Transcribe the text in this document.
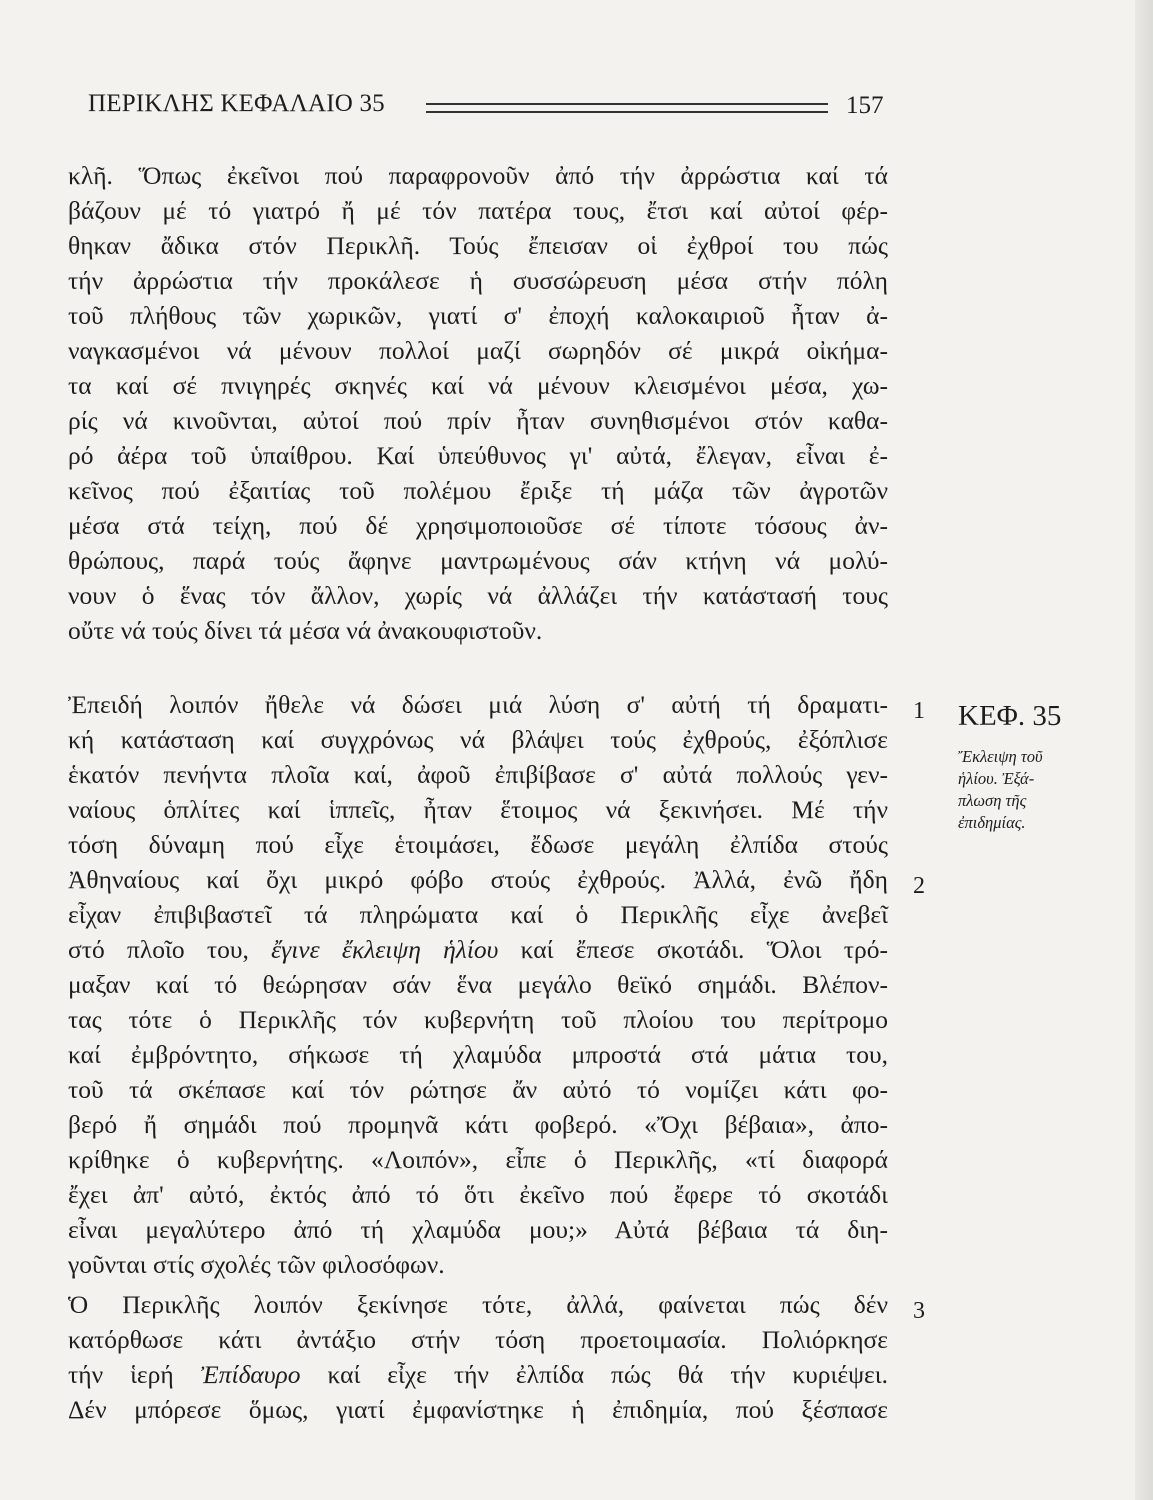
ΠΕΡΙΚΛΗΣ ΚΕΦΑΛΑΙΟ 35	157
κλῆ. Ὅπως ἐκεῖνοι πού παραφρονοῦν ἀπό τήν ἀρρώστια καί τά
βάζουν μέ τό γιατρό ἤ μέ τόν πατέρα τους, ἔτσι καί αὐτοί φέρ-
θηκαν ἄδικα στόν Περικλῆ. Τούς ἔπεισαν οἱ ἐχθροί του πώς
τήν ἀρρώστια τήν προκάλεσε ἡ συσσώρευση μέσα στήν πόλη
τοῦ πλήθους τῶν χωρικῶν, γιατί σ' ἐποχή καλοκαιριοῦ ἦταν ἀ-
ναγκασμένοι νά μένουν πολλοί μαζί σωρηδόν σέ μικρά οἰκήμα-
τα καί σέ πνιγηρές σκηνές καί νά μένουν κλεισμένοι μέσα, χω-
ρίς νά κινοῦνται, αὐτοί πού πρίν ἦταν συνηθισμένοι στόν καθα-
ρό ἀέρα τοῦ ὑπαίθρου. Καί ὑπεύθυνος γι' αὐτά, ἔλεγαν, εἶναι ἐ-
κεῖνος πού ἐξαιτίας τοῦ πολέμου ἔριξε τή μάζα τῶν ἀγροτῶν
μέσα στά τείχη, πού δέ χρησιμοποιοῦσε σέ τίποτε τόσους ἀν-
θρώπους, παρά τούς ἄφηνε μαντρωμένους σάν κτήνη νά μολύ-
νουν ὁ ἕνας τόν ἄλλον, χωρίς νά ἀλλάζει τήν κατάστασή τους
οὔτε νά τούς δίνει τά μέσα νά ἀνακουφιστοῦν.
Ἐπειδή λοιπόν ἤθελε νά δώσει μιά λύση σ' αὐτή τή δραματι-
κή κατάσταση καί συγχρόνως νά βλάψει τούς ἐχθρούς, ἐξόπλισε
ἑκατόν πενήντα πλοῖα καί, ἀφοῦ ἐπιβίβασε σ' αὐτά πολλούς γεν-
ναίους ὁπλίτες καί ἱππεῖς, ἦταν ἕτοιμος νά ξεκινήσει. Μέ τήν
τόση δύναμη πού εἶχε ἑτοιμάσει, ἔδωσε μεγάλη ἐλπίδα στούς
Ἀθηναίους καί ὄχι μικρό φόβο στούς ἐχθρούς. Ἀλλά, ἐνῶ ἤδη
εἶχαν ἐπιβιβαστεῖ τά πληρώματα καί ὁ Περικλῆς εἶχε ἀνεβεῖ
στό πλοῖο του, ἔγινε ἔκλειψη ἡλίου καί ἔπεσε σκοτάδι. Ὅλοι τρό-
μαξαν καί τό θεώρησαν σάν ἕνα μεγάλο θεϊκό σημάδι. Βλέπον-
τας τότε ὁ Περικλῆς τόν κυβερνήτη τοῦ πλοίου του περίτρομο
καί ἐμβρόντητο, σήκωσε τή χλαμύδα μπροστά στά μάτια του,
τοῦ τά σκέπασε καί τόν ρώτησε ἄν αὐτό τό νομίζει κάτι φο-
βερό ἤ σημάδι πού προμηνᾶ κάτι φοβερό. «Ὄχι βέβαια», ἀπο-
κρίθηκε ὁ κυβερνήτης. «Λοιπόν», εἶπε ὁ Περικλῆς, «τί διαφορά
ἔχει ἀπ' αὐτό, ἐκτός ἀπό τό ὅτι ἐκεῖνο πού ἔφερε τό σκοτάδι
εἶναι μεγαλύτερο ἀπό τή χλαμύδα μου;» Αὐτά βέβαια τά διη-
γοῦνται στίς σχολές τῶν φιλοσόφων.
Ὁ Περικλῆς λοιπόν ξεκίνησε τότε, ἀλλά, φαίνεται πώς δέν
κατόρθωσε κάτι ἀντάξιο στήν τόση προετοιμασία. Πολιόρκησε
τήν ἱερή Ἐπίδαυρο καί εἶχε τήν ἐλπίδα πώς θά τήν κυριέψει.
Δέν μπόρεσε ὅμως, γιατί ἐμφανίστηκε ἡ ἐπιδημία, πού ξέσπασε
1
2
3
ΚΕΦ. 35
Ἔκλειψη τοῦ
ἡλίου. Ἐξά-
πλωση τῆς
ἐπιδημίας.
